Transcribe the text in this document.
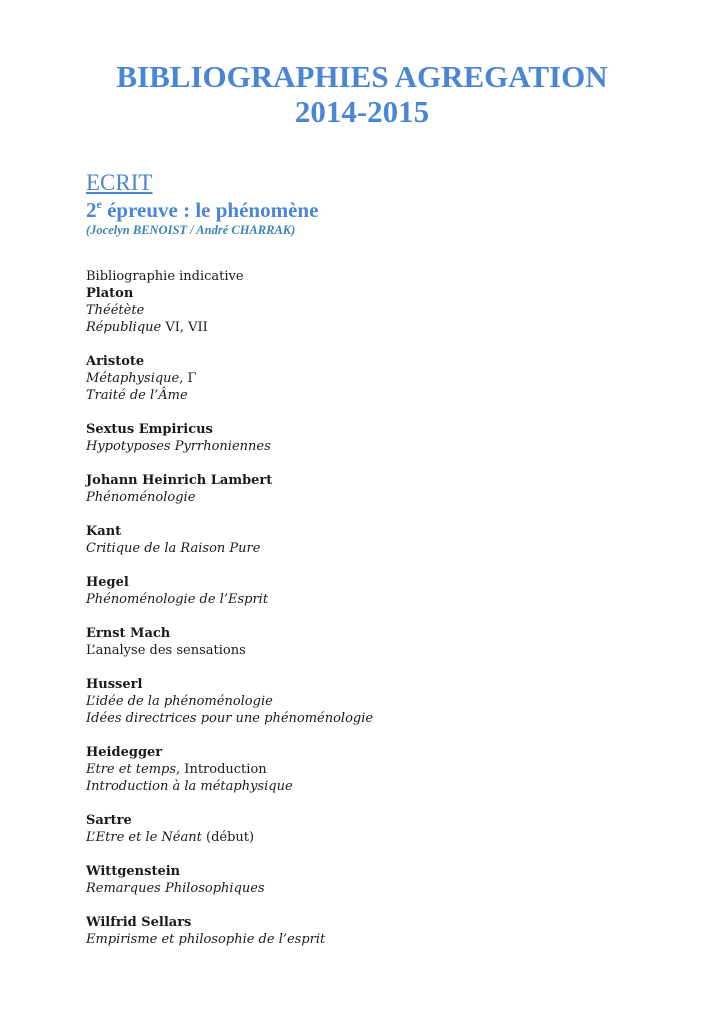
BIBLIOGRAPHIES AGREGATION
2014-2015
ECRIT
2e épreuve : le phénomène
(Jocelyn BENOIST / André CHARRAK)

Bibliographie indicative

Platon

Théétète

République VI, VII

Aristote

Métaphysique, Γ

Traité de l’Âme

Sextus Empiricus

Hypotyposes Pyrrhoniennes

Johann Heinrich Lambert

Phénoménologie

Kant

Critique de la Raison Pure

Hegel

Phénoménologie de l’Esprit

Ernst Mach

L’analyse des sensations

Husserl

L’idée de la phénoménologie

Idées directrices pour une phénoménologie

Heidegger

Etre et temps, Introduction

Introduction à la métaphysique

Sartre

L’Etre et le Néant (début)

Wittgenstein

Remarques Philosophiques

Wilfrid Sellars

Empirisme et philosophie de l’esprit
